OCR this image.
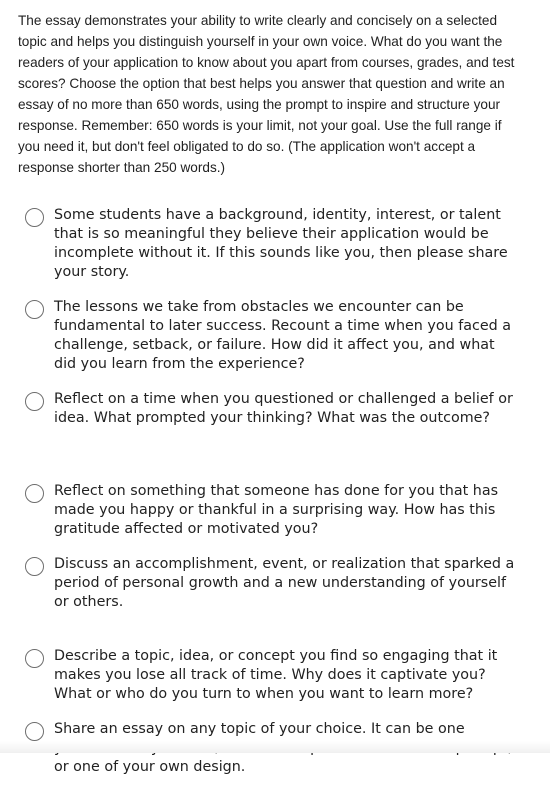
The essay demonstrates your ability to write clearly and concisely on a selected topic and helps you distinguish yourself in your own voice. What do you want the readers of your application to know about you apart from courses, grades, and test scores? Choose the option that best helps you answer that question and write an essay of no more than 650 words, using the prompt to inspire and structure your response. Remember: 650 words is your limit, not your goal. Use the full range if you need it, but don't feel obligated to do so. (The application won't accept a response shorter than 250 words.)

Some students have a background, identity, interest, or talent that is so meaningful they believe their application would be incomplete without it. If this sounds like you, then please share your story.
The lessons we take from obstacles we encounter can be fundamental to later success. Recount a time when you faced a challenge, setback, or failure. How did it affect you, and what did you learn from the experience?
Reflect on a time when you questioned or challenged a belief or idea. What prompted your thinking? What was the outcome?
Reflect on something that someone has done for you that has made you happy or thankful in a surprising way. How has this gratitude affected or motivated you?
Discuss an accomplishment, event, or realization that sparked a period of personal growth and a new understanding of yourself or others.
Describe a topic, idea, or concept you find so engaging that it makes you lose all track of time. Why does it captivate you? What or who do you turn to when you want to learn more?
Share an essay on any topic of your choice. It can be one or one of your own design.
